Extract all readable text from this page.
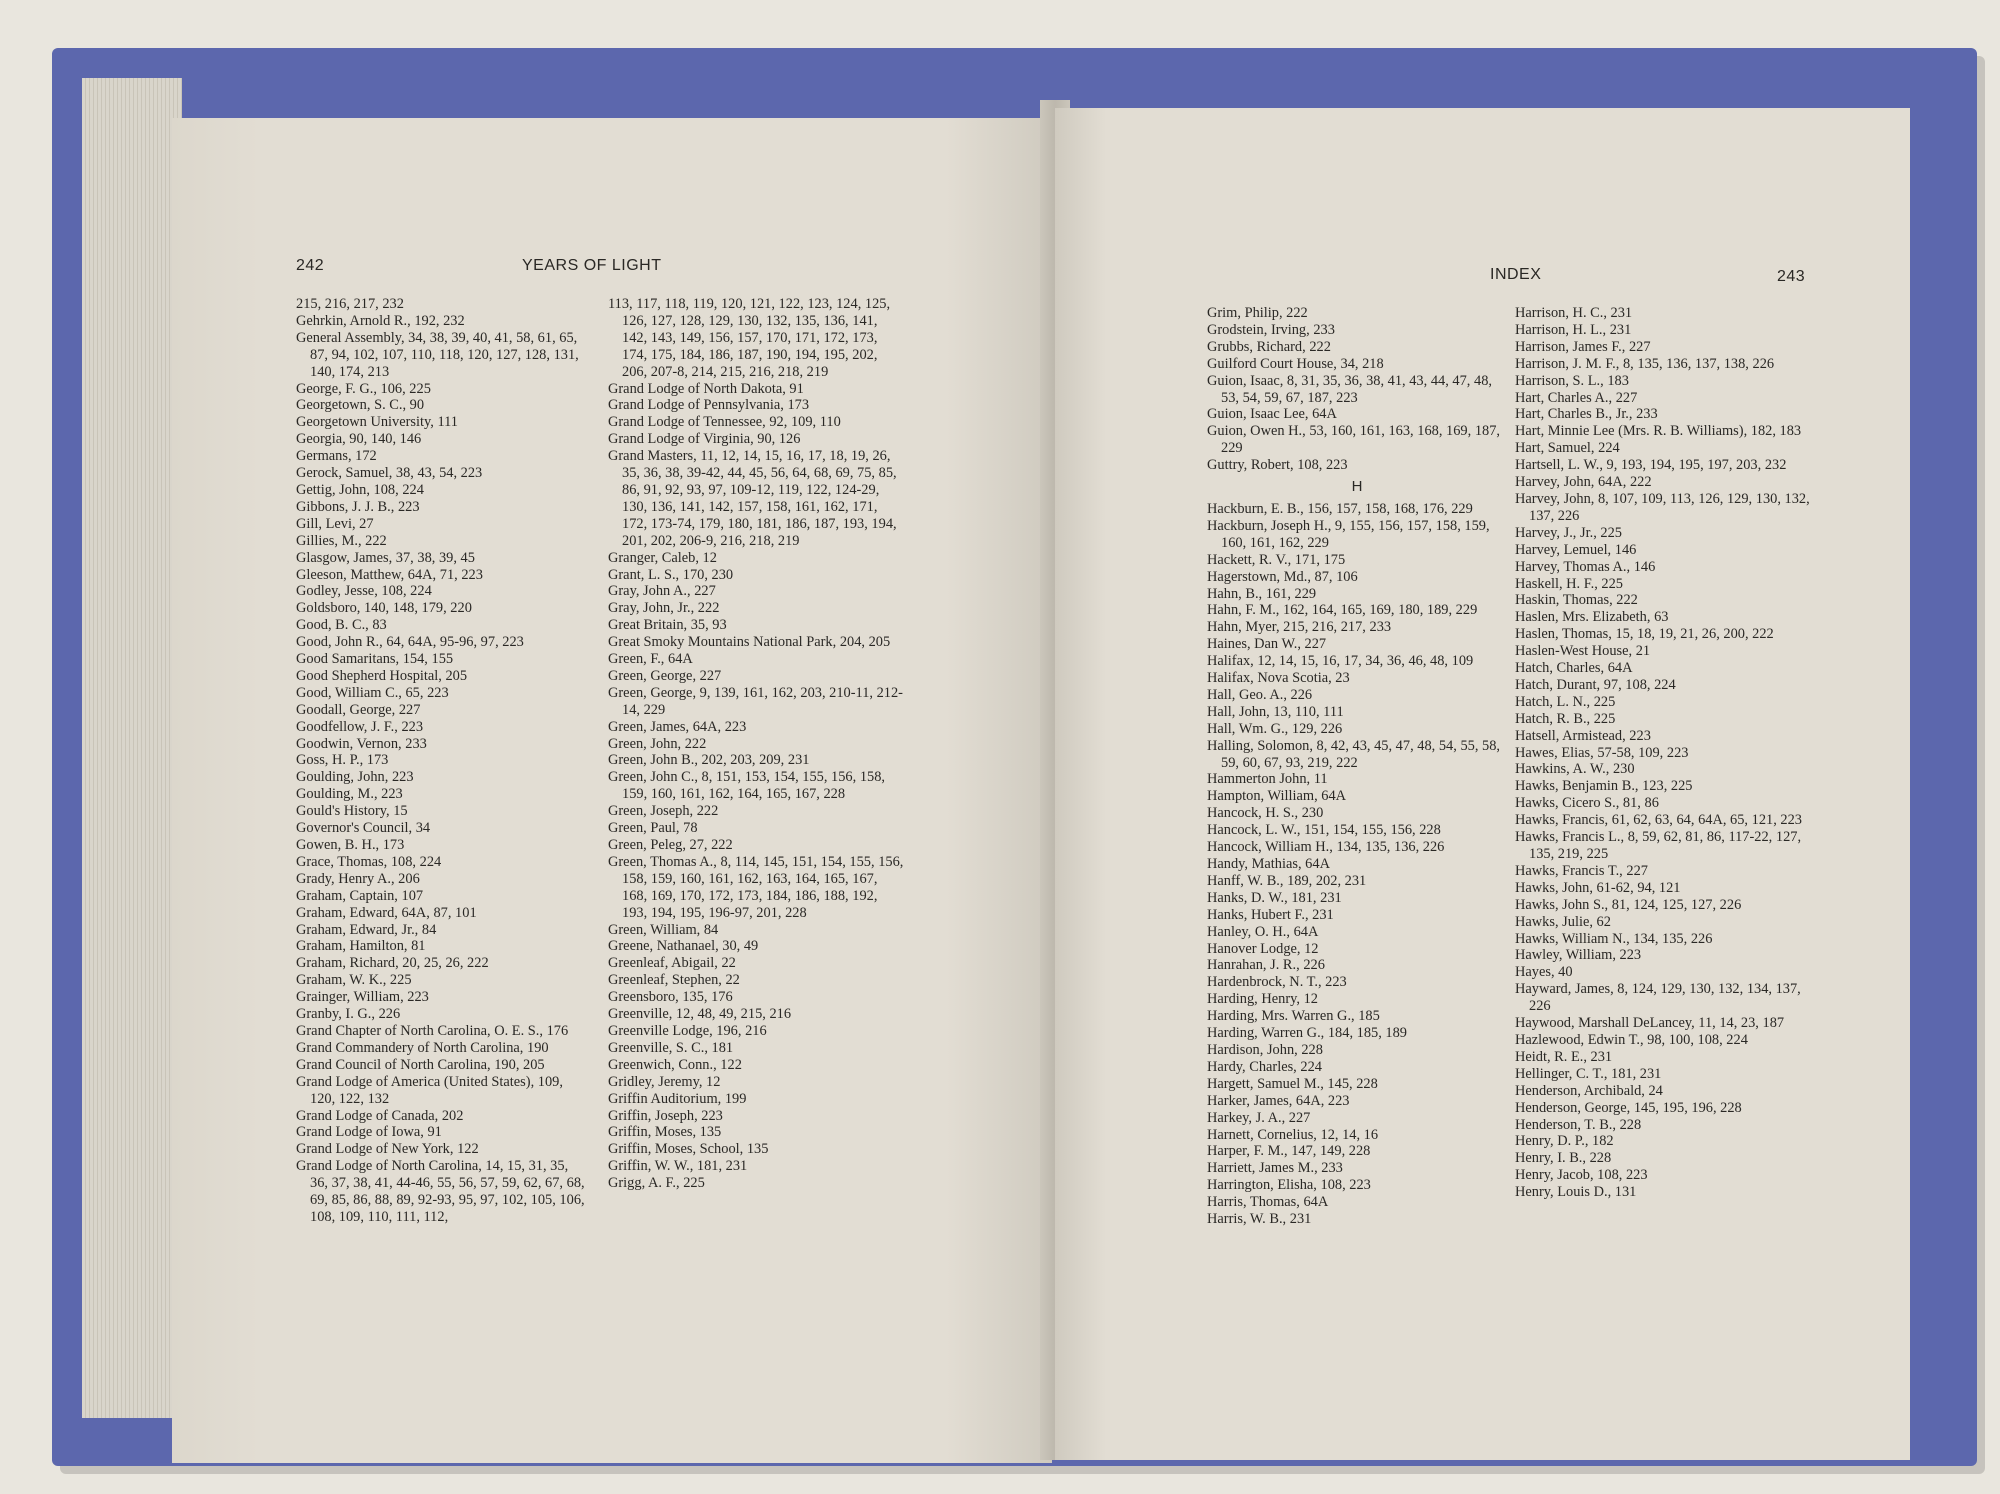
242	YEARS OF LIGHT
215, 216, 217, 232
Gehrkin, Arnold R., 192, 232
General Assembly, 34, 38, 39, 40, 41, 58, 61, 65, 87, 94, 102, 107, 110, 118, 120, 127, 128, 131, 140, 174, 213
George, F. G., 106, 225
Georgetown, S. C., 90
Georgetown University, 111
Georgia, 90, 140, 146
Germans, 172
Gerock, Samuel, 38, 43, 54, 223
Gettig, John, 108, 224
Gibbons, J. J. B., 223
Gill, Levi, 27
Gillies, M., 222
Glasgow, James, 37, 38, 39, 45
Gleeson, Matthew, 64A, 71, 223
Godley, Jesse, 108, 224
Goldsboro, 140, 148, 179, 220
Good, B. C., 83
Good, John R., 64, 64A, 95-96, 97, 223
Good Samaritans, 154, 155
Good Shepherd Hospital, 205
Good, William C., 65, 223
Goodall, George, 227
Goodfellow, J. F., 223
Goodwin, Vernon, 233
Goss, H. P., 173
Goulding, John, 223
Goulding, M., 223
Gould's History, 15
Governor's Council, 34
Gowen, B. H., 173
Grace, Thomas, 108, 224
Grady, Henry A., 206
Graham, Captain, 107
Graham, Edward, 64A, 87, 101
Graham, Edward, Jr., 84
Graham, Hamilton, 81
Graham, Richard, 20, 25, 26, 222
Graham, W. K., 225
Grainger, William, 223
Granby, I. G., 226
Grand Chapter of North Carolina, O. E. S., 176
Grand Commandery of North Carolina, 190
Grand Council of North Carolina, 190, 205
Grand Lodge of America (United States), 109, 120, 122, 132
Grand Lodge of Canada, 202
Grand Lodge of Iowa, 91
Grand Lodge of New York, 122
Grand Lodge of North Carolina, 14, 15, 31, 35, 36, 37, 38, 41, 44-46, 55, 56, 57, 59, 62, 67, 68, 69, 85, 86, 88, 89, 92-93, 95, 97, 102, 105, 106, 108, 109, 110, 111, 112,
113, 117, 118, 119, 120, 121, 122, 123, 124, 125, 126, 127, 128, 129, 130, 132, 135, 136, 141, 142, 143, 149, 156, 157, 170, 171, 172, 173, 174, 175, 184, 186, 187, 190, 194, 195, 202, 206, 207-8, 214, 215, 216, 218, 219
Grand Lodge of North Dakota, 91
Grand Lodge of Pennsylvania, 173
Grand Lodge of Tennessee, 92, 109, 110
Grand Lodge of Virginia, 90, 126
Grand Masters, 11, 12, 14, 15, 16, 17, 18, 19, 26, 35, 36, 38, 39-42, 44, 45, 56, 64, 68, 69, 75, 85, 86, 91, 92, 93, 97, 109-12, 119, 122, 124-29, 130, 136, 141, 142, 157, 158, 161, 162, 171, 172, 173-74, 179, 180, 181, 186, 187, 193, 194, 201, 202, 206-9, 216, 218, 219
Granger, Caleb, 12
Grant, L. S., 170, 230
Gray, John A., 227
Gray, John, Jr., 222
Great Britain, 35, 93
Great Smoky Mountains National Park, 204, 205
Green, F., 64A
Green, George, 227
Green, George, 9, 139, 161, 162, 203, 210-11, 212-14, 229
Green, James, 64A, 223
Green, John, 222
Green, John B., 202, 203, 209, 231
Green, John C., 8, 151, 153, 154, 155, 156, 158, 159, 160, 161, 162, 164, 165, 167, 228
Green, Joseph, 222
Green, Paul, 78
Green, Peleg, 27, 222
Green, Thomas A., 8, 114, 145, 151, 154, 155, 156, 158, 159, 160, 161, 162, 163, 164, 165, 167, 168, 169, 170, 172, 173, 184, 186, 188, 192, 193, 194, 195, 196-97, 201, 228
Green, William, 84
Greene, Nathanael, 30, 49
Greenleaf, Abigail, 22
Greenleaf, Stephen, 22
Greensboro, 135, 176
Greenville, 12, 48, 49, 215, 216
Greenville Lodge, 196, 216
Greenville, S. C., 181
Greenwich, Conn., 122
Gridley, Jeremy, 12
Griffin Auditorium, 199
Griffin, Joseph, 223
Griffin, Moses, 135
Griffin, Moses, School, 135
Griffin, W. W., 181, 231
Grigg, A. F., 225
INDEX	243
Grim, Philip, 222
Grodstein, Irving, 233
Grubbs, Richard, 222
Guilford Court House, 34, 218
Guion, Isaac, 8, 31, 35, 36, 38, 41, 43, 44, 47, 48, 53, 54, 59, 67, 187, 223
Guion, Isaac Lee, 64A
Guion, Owen H., 53, 160, 161, 163, 168, 169, 187, 229
Guttry, Robert, 108, 223
H
Hackburn, E. B., 156, 157, 158, 168, 176, 229
Hackburn, Joseph H., 9, 155, 156, 157, 158, 159, 160, 161, 162, 229
Hackett, R. V., 171, 175
Hagerstown, Md., 87, 106
Hahn, B., 161, 229
Hahn, F. M., 162, 164, 165, 169, 180, 189, 229
Hahn, Myer, 215, 216, 217, 233
Haines, Dan W., 227
Halifax, 12, 14, 15, 16, 17, 34, 36, 46, 48, 109
Halifax, Nova Scotia, 23
Hall, Geo. A., 226
Hall, John, 13, 110, 111
Hall, Wm. G., 129, 226
Halling, Solomon, 8, 42, 43, 45, 47, 48, 54, 55, 58, 59, 60, 67, 93, 219, 222
Hammerton John, 11
Hampton, William, 64A
Hancock, H. S., 230
Hancock, L. W., 151, 154, 155, 156, 228
Hancock, William H., 134, 135, 136, 226
Handy, Mathias, 64A
Hanff, W. B., 189, 202, 231
Hanks, D. W., 181, 231
Hanks, Hubert F., 231
Hanley, O. H., 64A
Hanover Lodge, 12
Hanrahan, J. R., 226
Hardenbrock, N. T., 223
Harding, Henry, 12
Harding, Mrs. Warren G., 185
Harding, Warren G., 184, 185, 189
Hardison, John, 228
Hardy, Charles, 224
Hargett, Samuel M., 145, 228
Harker, James, 64A, 223
Harkey, J. A., 227
Harnett, Cornelius, 12, 14, 16
Harper, F. M., 147, 149, 228
Harriett, James M., 233
Harrington, Elisha, 108, 223
Harris, Thomas, 64A
Harris, W. B., 231
Harrison, H. C., 231
Harrison, H. L., 231
Harrison, James F., 227
Harrison, J. M. F., 8, 135, 136, 137, 138, 226
Harrison, S. L., 183
Hart, Charles A., 227
Hart, Charles B., Jr., 233
Hart, Minnie Lee (Mrs. R. B. Williams), 182, 183
Hart, Samuel, 224
Hartsell, L. W., 9, 193, 194, 195, 197, 203, 232
Harvey, John, 64A, 222
Harvey, John, 8, 107, 109, 113, 126, 129, 130, 132, 137, 226
Harvey, J., Jr., 225
Harvey, Lemuel, 146
Harvey, Thomas A., 146
Haskell, H. F., 225
Haskin, Thomas, 222
Haslen, Mrs. Elizabeth, 63
Haslen, Thomas, 15, 18, 19, 21, 26, 200, 222
Haslen-West House, 21
Hatch, Charles, 64A
Hatch, Durant, 97, 108, 224
Hatch, L. N., 225
Hatch, R. B., 225
Hatsell, Armistead, 223
Hawes, Elias, 57-58, 109, 223
Hawkins, A. W., 230
Hawks, Benjamin B., 123, 225
Hawks, Cicero S., 81, 86
Hawks, Francis, 61, 62, 63, 64, 64A, 65, 121, 223
Hawks, Francis L., 8, 59, 62, 81, 86, 117-22, 127, 135, 219, 225
Hawks, Francis T., 227
Hawks, John, 61-62, 94, 121
Hawks, John S., 81, 124, 125, 127, 226
Hawks, Julie, 62
Hawks, William N., 134, 135, 226
Hawley, William, 223
Hayes, 40
Hayward, James, 8, 124, 129, 130, 132, 134, 137, 226
Haywood, Marshall DeLancey, 11, 14, 23, 187
Hazlewood, Edwin T., 98, 100, 108, 224
Heidt, R. E., 231
Hellinger, C. T., 181, 231
Henderson, Archibald, 24
Henderson, George, 145, 195, 196, 228
Henderson, T. B., 228
Henry, D. P., 182
Henry, I. B., 228
Henry, Jacob, 108, 223
Henry, Louis D., 131
